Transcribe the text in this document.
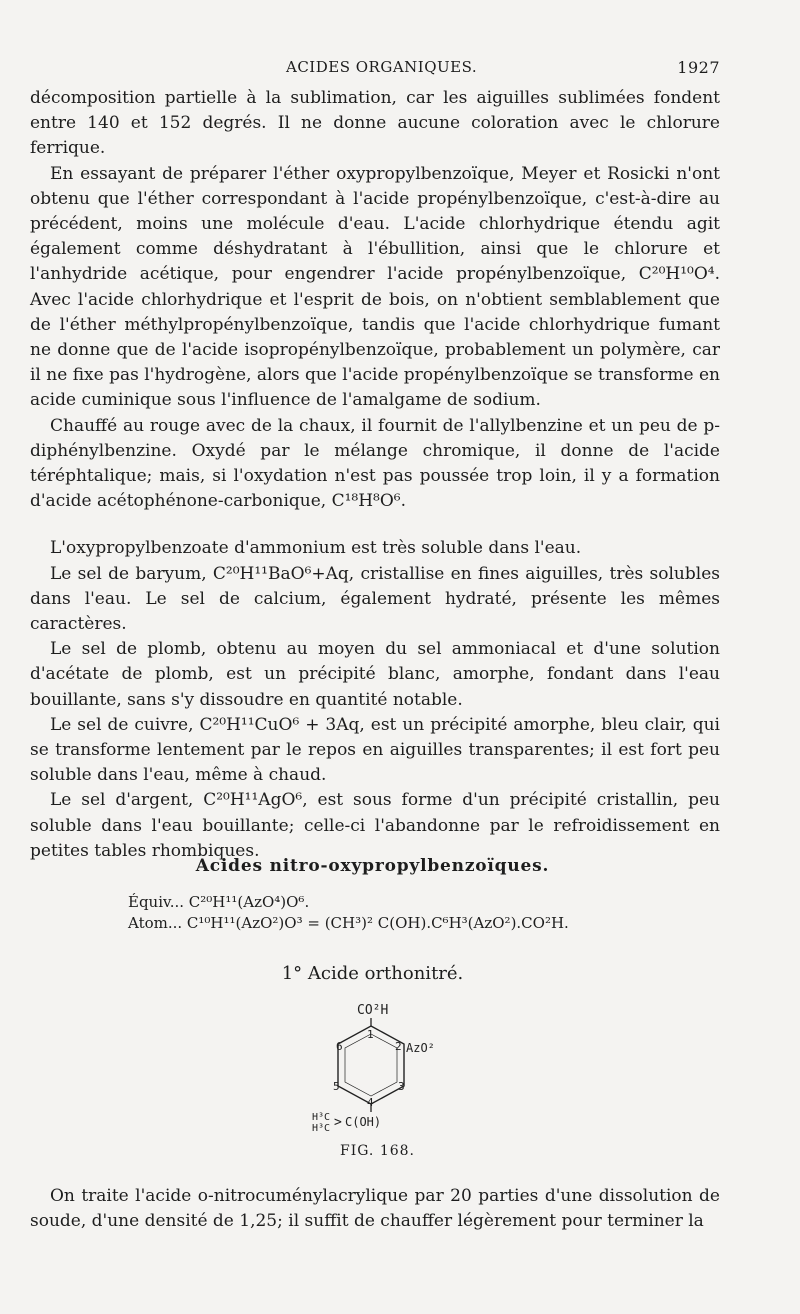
ACIDES ORGANIQUES.	1927

décomposition partielle à la sublimation, car les aiguilles sublimées fondent entre 140 et 152 degrés. Il ne donne aucune coloration avec le chlorure ferrique.

En essayant de préparer l'éther oxypropylbenzoïque, Meyer et Rosicki n'ont obtenu que l'éther correspondant à l'acide propénylbenzoïque, c'est-à-dire au précédent, moins une molécule d'eau. L'acide chlorhydrique étendu agit également comme déshydratant à l'ébullition, ainsi que le chlorure et l'anhydride acétique, pour engendrer l'acide propénylbenzoïque, C²⁰H¹⁰O⁴. Avec l'acide chlorhydrique et l'esprit de bois, on n'obtient semblablement que de l'éther méthylpropénylbenzoïque, tandis que l'acide chlorhydrique fumant ne donne que de l'acide isopropénylbenzoïque, probablement un polymère, car il ne fixe pas l'hydrogène, alors que l'acide propénylbenzoïque se transforme en acide cuminique sous l'influence de l'amalgame de sodium.

Chauffé au rouge avec de la chaux, il fournit de l'allylbenzine et un peu de p-diphénylbenzine. Oxydé par le mélange chromique, il donne de l'acide téréphtalique; mais, si l'oxydation n'est pas poussée trop loin, il y a formation d'acide acétophénone-carbonique, C¹⁸H⁸O⁶.

L'oxypropylbenzoate d'ammonium est très soluble dans l'eau.

Le sel de baryum, C²⁰H¹¹BaO⁶+Aq, cristallise en fines aiguilles, très solubles dans l'eau. Le sel de calcium, également hydraté, présente les mêmes caractères.

Le sel de plomb, obtenu au moyen du sel ammoniacal et d'une solution d'acétate de plomb, est un précipité blanc, amorphe, fondant dans l'eau bouillante, sans s'y dissoudre en quantité notable.

Le sel de cuivre, C²⁰H¹¹CuO⁶ + 3Aq, est un précipité amorphe, bleu clair, qui se transforme lentement par le repos en aiguilles transparentes; il est fort peu soluble dans l'eau, même à chaud.

Le sel d'argent, C²⁰H¹¹AgO⁶, est sous forme d'un précipité cristallin, peu soluble dans l'eau bouillante; celle-ci l'abandonne par le refroidissement en petites tables rhombiques.

Acides nitro-oxypropylbenzoïques.
Équiv... C²⁰H¹¹(AzO⁴)O⁶.
Atom... C¹⁰H¹¹(AzO²)O³ = (CH³)² C(OH).C⁶H³(AzO²).CO²H.
1° Acide orthonitré.
CO²H
1
2
3
4
5
6	AzO²
H³C
H³C > C(OH)
FIG. 168.

On traite l'acide o-nitrocuménylacrylique par 20 parties d'une dissolution de soude, d'une densité de 1,25; il suffit de chauffer légèrement pour terminer la
